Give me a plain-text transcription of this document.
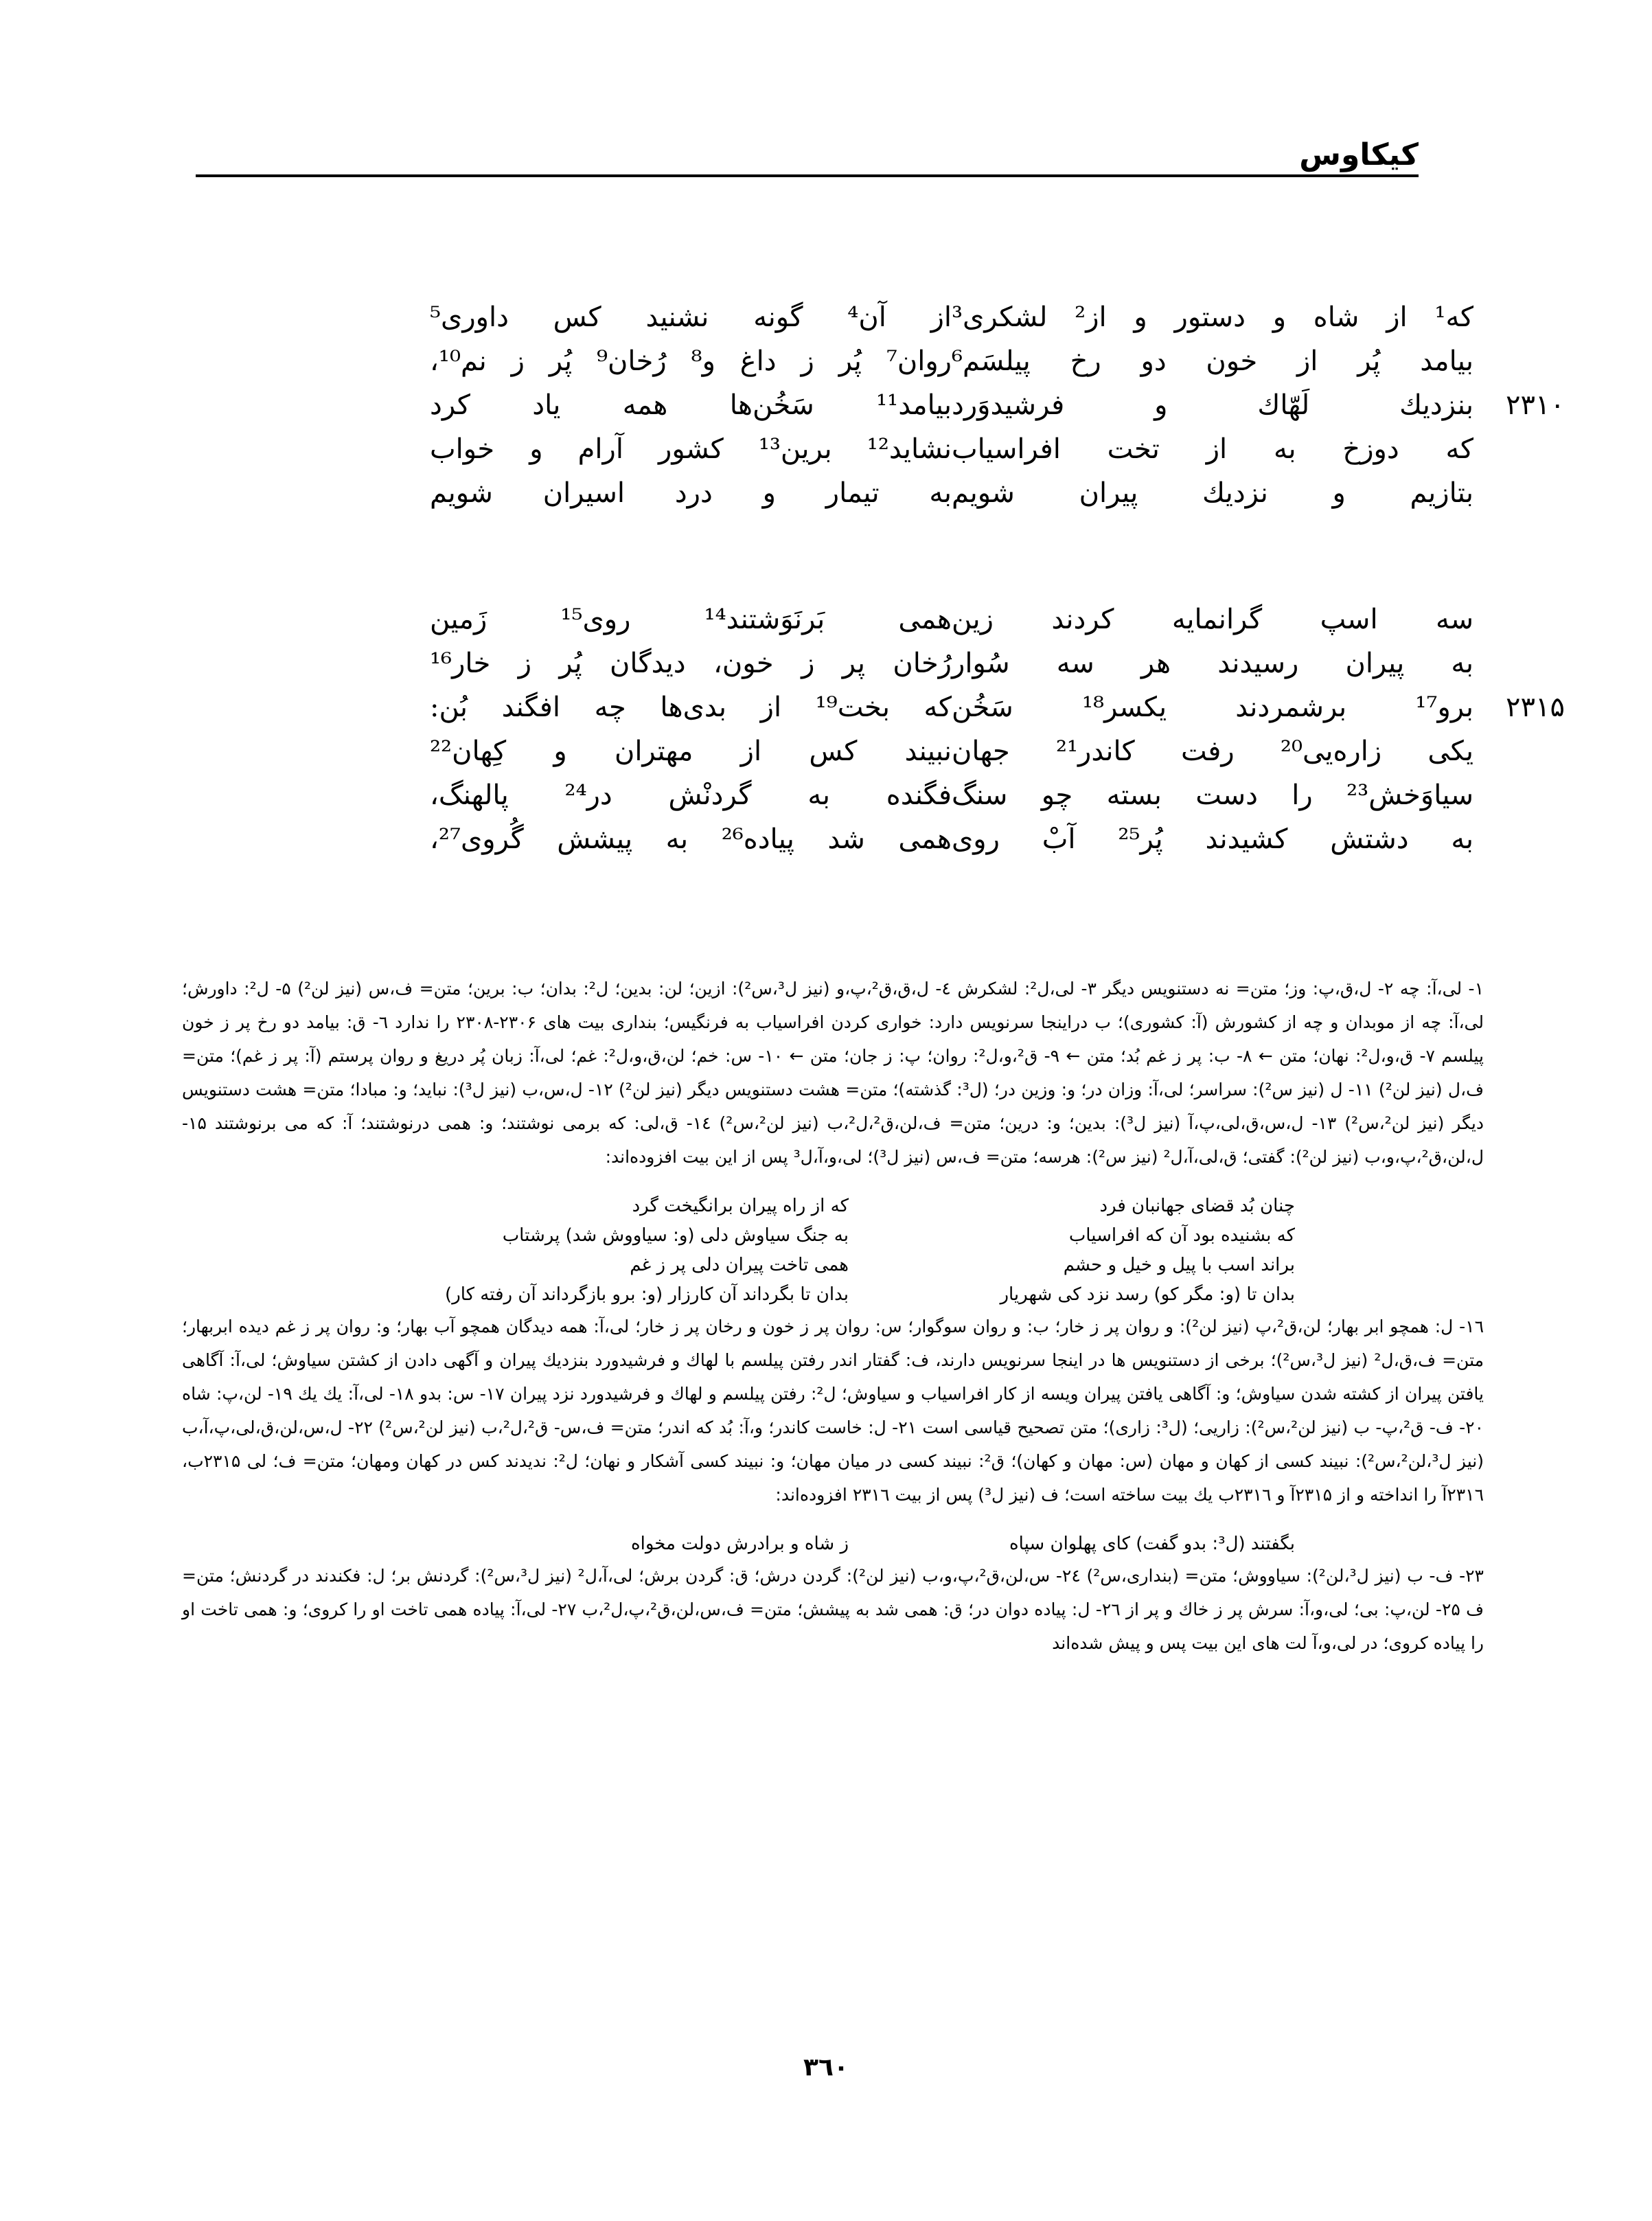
کیکاوس
که¹ از شاه و دستور و از² لشکری³
از آن⁴ گونه نشنید کس داوری⁵
بیامد پُر از خون دو رخ پیلسَم⁶
روان⁷ پُر ز داغ و⁸ رُخان⁹ پُر ز نم¹⁰،
۲۳۱۰
بنزدیك لَهّاك و فرشیدوَرد
بیامد¹¹ سَخُن‌ها همه یاد کرد
که دوزخ به از تخت افراسیاب
نشاید¹² برین¹³ کشور آرام و خواب
بتازیم و نزدیك پیران شویم
به تیمار و درد اسیران شویم
سه اسپ گرانمایه کردند زین
همی بَرنَوَشتند¹⁴ روی¹⁵ زَمین
به پیران رسیدند هر سه سُوار
رُخان پر ز خون، دیدگان پُر ز خار¹⁶
۲۳۱۵
برو¹⁷ برشمردند یکسر¹⁸ سَخُن
که بخت¹⁹ از بدی‌ها چه افگند بُن:
یکی زاره‌یی²⁰ رفت کاندر²¹ جهان
نبیند کس از مهتران و کِهان²²
سیاوَخش²³ را دست بسته چو سنگ
فگنده به گردنْش در²⁴ پالهنگ،
به دشتش کشیدند پُر²⁵ آبْ روی
همی شد پیاده²⁶ به پیشش گُروی²⁷،

۱- لی،آ: چه ۲- ل،ق،پ: وز؛ متن= نه دستنویس دیگر ۳- لی،ل²: لشکرش ٤- ل،ق،ق²،پ،و (نیز ل³،س²): ازین؛ لن: بدین؛ ل²: بدان؛ ب: برین؛ متن= ف،س (نیز لن²) ۵- ل²: داورش؛ لی،آ: چه از موبدان و چه از کشورش (آ: کشوری)؛ ب دراینجا سرنویس دارد: خواری کردن افراسیاب به فرنگیس؛ بنداری بیت های ۲۳۰۶-۲۳۰۸ را ندارد ٦- ق: بیامد دو رخ پر ز خون پیلسم ۷- ق،و،ل²: نهان؛ متن ← ۸- ب: پر ز غم بُد؛ متن ← ۹- ق²،و،ل²: روان؛ پ: ز جان؛ متن ← ۱۰- س: خم؛ لن،ق،و،ل²: غم؛ لی،آ: زبان پُر دریغ و روان پرستم (آ: پر ز غم)؛ متن= ف،ل (نیز لن²) ۱۱- ل (نیز س²): سراسر؛ لی،آ: وزان در؛ و: وزین در؛ (ل³: گذشته)؛ متن= هشت دستنویس دیگر (نیز لن²) ۱۲- ل،س،ب (نیز ل³): نباید؛ و: مبادا؛ متن= هشت دستنویس دیگر (نیز لن²،س²) ۱۳- ل،س،ق،لی،پ،آ (نیز ل³): بدین؛ و: درین؛ متن= ف،لن،ق²،ل²،ب (نیز لن²،س²) ۱٤- ق،لی: که برمی نوشتند؛ و: همی درنوشتند؛ آ: که می برنوشتند ۱۵- ل،لن،ق²،پ،و،ب (نیز لن²): گفتی؛ ق،لی،آ،ل² (نیز س²): هرسه؛ متن= ف،س (نیز ل³)؛ لی،و،آ،ل³ پس از این بیت افزوده‌اند:

چنان بُد قضای جهانبان فرد
که از راه پیران برانگیخت گرد
که بشنیده بود آن که افراسیاب
به جنگ سیاوش دلی (و: سیاووش شد) پرشتاب
براند اسب با پیل و خیل و حشم
همی تاخت پیران دلی پر ز غم
بدان تا (و: مگر کو) رسد نزد کی شهریار
بدان تا بگرداند آن کارزار (و: برو بازگرداند آن رفته کار)

۱٦- ل: همچو ابر بهار؛ لن،ق²،پ (نیز لن²): و روان پر ز خار؛ ب: و روان سوگوار؛ س: روان پر ز خون و رخان پر ز خار؛ لی،آ: همه دیدگان همچو آب بهار؛ و: روان پر ز غم دیده ابربهار؛ متن= ف،ق،ل² (نیز ل³،س²)؛ برخی از دستنویس ها در اینجا سرنویس دارند، ف: گفتار اندر رفتن پیلسم با لهاك و فرشیدورد بنزدیك پیران و آگهی دادن از کشتن سیاوش؛ لی،آ: آگاهی یافتن پیران از کشته شدن سیاوش؛ و: آگاهی یافتن پیران ویسه از کار افراسیاب و سیاوش؛ ل²: رفتن پیلسم و لهاك و فرشیدورد نزد پیران ۱۷- س: بدو ۱۸- لی،آ: یك یك ۱۹- لن،پ: شاه ۲۰- ف- ق²،پ- ب (نیز لن²،س²): زاریی؛ (ل³: زاری)؛ متن تصحیح قیاسی است ۲۱- ل: خاست کاندر؛ و،آ: بُد که اندر؛ متن= ف،س- ق²،ل²،ب (نیز لن²،س²) ۲۲- ل،س،لن،ق،لی،پ،آ،ب (نیز ل³،لن²،س²): نبیند کسی از کهان و مهان (س: مهان و کهان)؛ ق²: نبیند کسی در میان مهان؛ و: نبیند کسی آشکار و نهان؛ ل²: ندیدند کس در کهان ومهان؛ متن= ف؛ لی ۲۳۱۵ب، ۲۳۱٦آ را انداخته و از ۲۳۱۵آ و ۲۳۱٦ب یك بیت ساخته است؛ ف (نیز ل³) پس از بیت ۲۳۱٦ افزوده‌اند:

بگفتند (ل³: بدو گفت) کای پهلوان سپاه
ز شاه و برادرش دولت مخواه

۲۳- ف- ب (نیز ل³،لن²): سیاووش؛ متن= (بنداری،س²) ۲٤- س،لن،ق²،پ،و،ب (نیز لن²): گردن درش؛ ق: گردن برش؛ لی،آ،ل² (نیز ل³،س²): گردنش بر؛ ل: فکندند در گردنش؛ متن= ف ۲۵- لن،پ: بی؛ لی،و،آ: سرش پر ز خاك و پر از ۲٦- ل: پیاده دوان در؛ ق: همی شد به پیشش؛ متن= ف،س،لن،ق²،پ،ل²،ب ۲۷- لی،آ: پیاده همی تاخت او را کروی؛ و: همی تاخت او را پیاده کروی؛ در لی،و،آ لت های این بیت پس و پیش شده‌اند

۳٦۰
